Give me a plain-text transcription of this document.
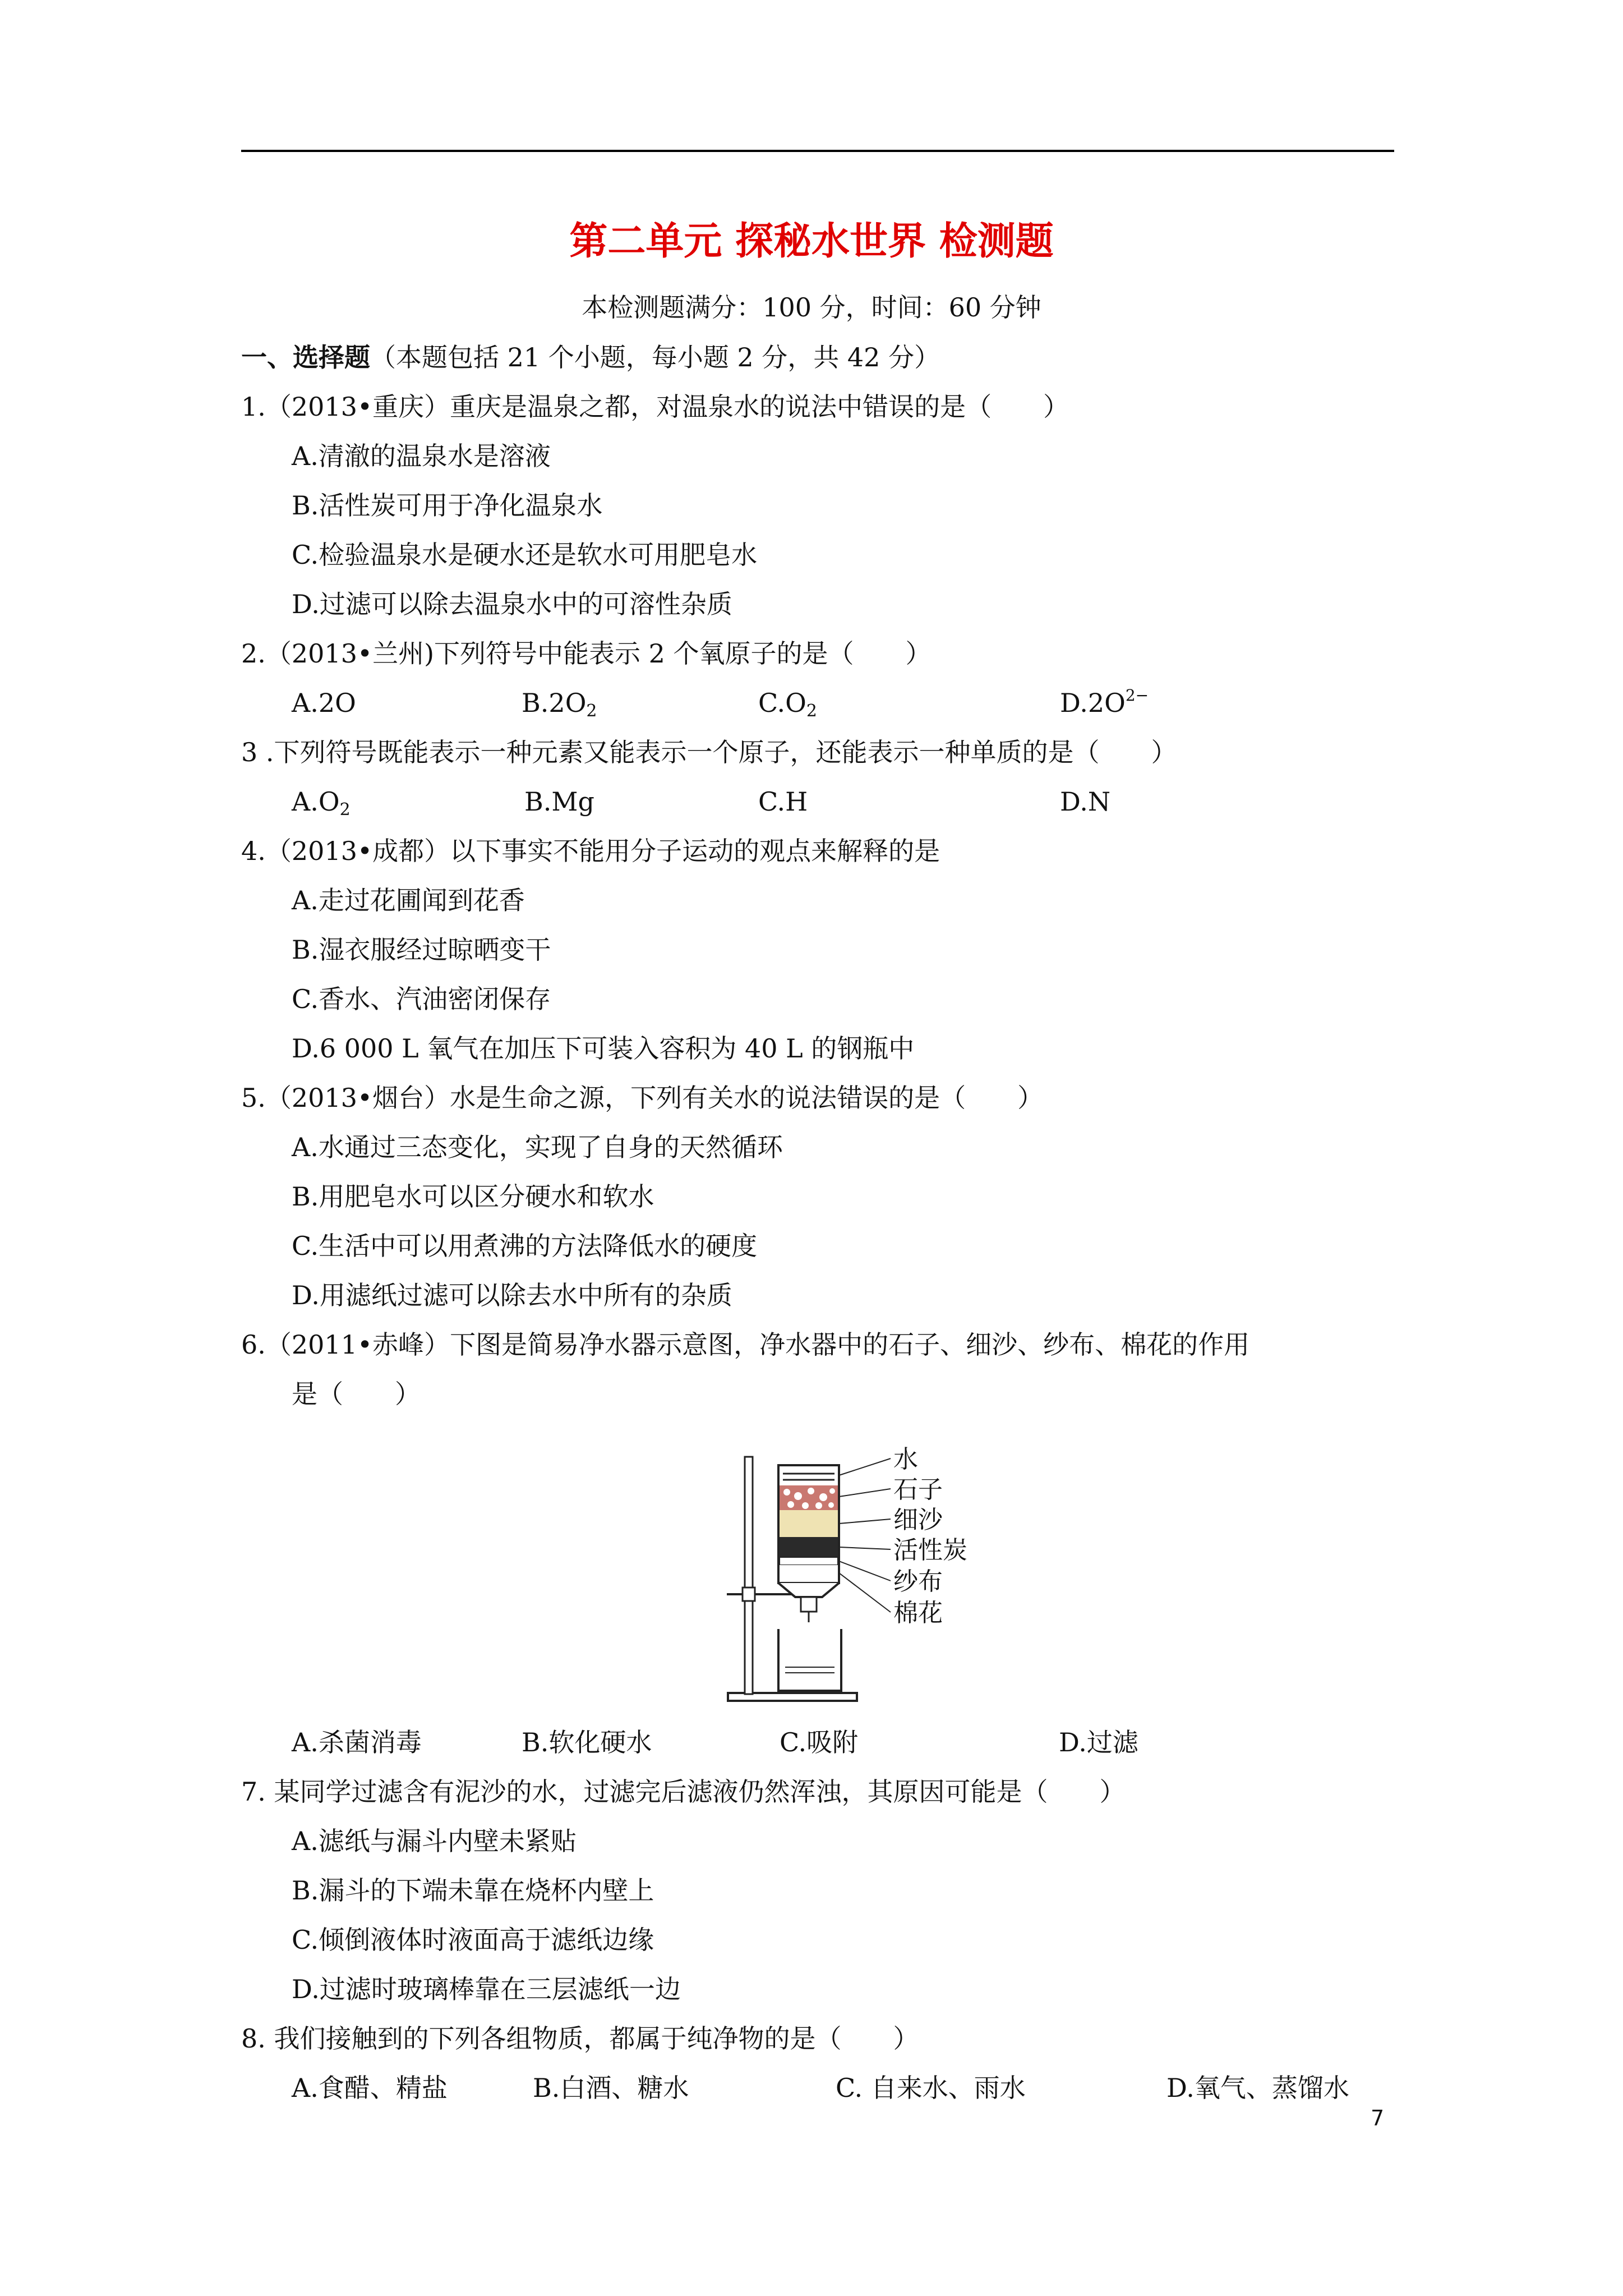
第二单元 探秘水世界 检测题
本检测题满分：100 分，时间：60 分钟
一、选择题（本题包括 21 个小题，每小题 2 分，共 42 分）
1.（2013•重庆）重庆是温泉之都，对温泉水的说法中错误的是（　　）
A.清澈的温泉水是溶液
B.活性炭可用于净化温泉水
C.检验温泉水是硬水还是软水可用肥皂水
D.过滤可以除去温泉水中的可溶性杂质
2.（2013•兰州)下列符号中能表示 2 个氧原子的是（　　）
A.2O	$B.2O_2$	$C.O_2$	$D.2O^{2-}$
3 .下列符号既能表示一种元素又能表示一个原子，还能表示一种单质的是（　　）
$A.O_2$	B.Mg	C.H	D.N
4.（2013•成都）以下事实不能用分子运动的观点来解释的是
A.走过花圃闻到花香
B.湿衣服经过晾晒变干
C.香水、汽油密闭保存
D.6 000 L 氧气在加压下可装入容积为 40 L 的钢瓶中
5.（2013•烟台）水是生命之源，下列有关水的说法错误的是（　　）
A.水通过三态变化，实现了自身的天然循环
B.用肥皂水可以区分硬水和软水
C.生活中可以用煮沸的方法降低水的硬度
D.用滤纸过滤可以除去水中所有的杂质
6.（2011•赤峰）下图是简易净水器示意图，净水器中的石子、细沙、纱布、棉花的作用
是（　　）
水
石子
细沙
活性炭
纱布
棉花
A.杀菌消毒	B.软化硬水	C.吸附	D.过滤
7. 某同学过滤含有泥沙的水，过滤完后滤液仍然浑浊，其原因可能是（　　）
A.滤纸与漏斗内壁未紧贴
B.漏斗的下端未靠在烧杯内壁上
C.倾倒液体时液面高于滤纸边缘
D.过滤时玻璃棒靠在三层滤纸一边
8. 我们接触到的下列各组物质，都属于纯净物的是（　　）
A.食醋、精盐	B.白酒、糖水	C. 自来水、雨水	D.氧气、蒸馏水
7
